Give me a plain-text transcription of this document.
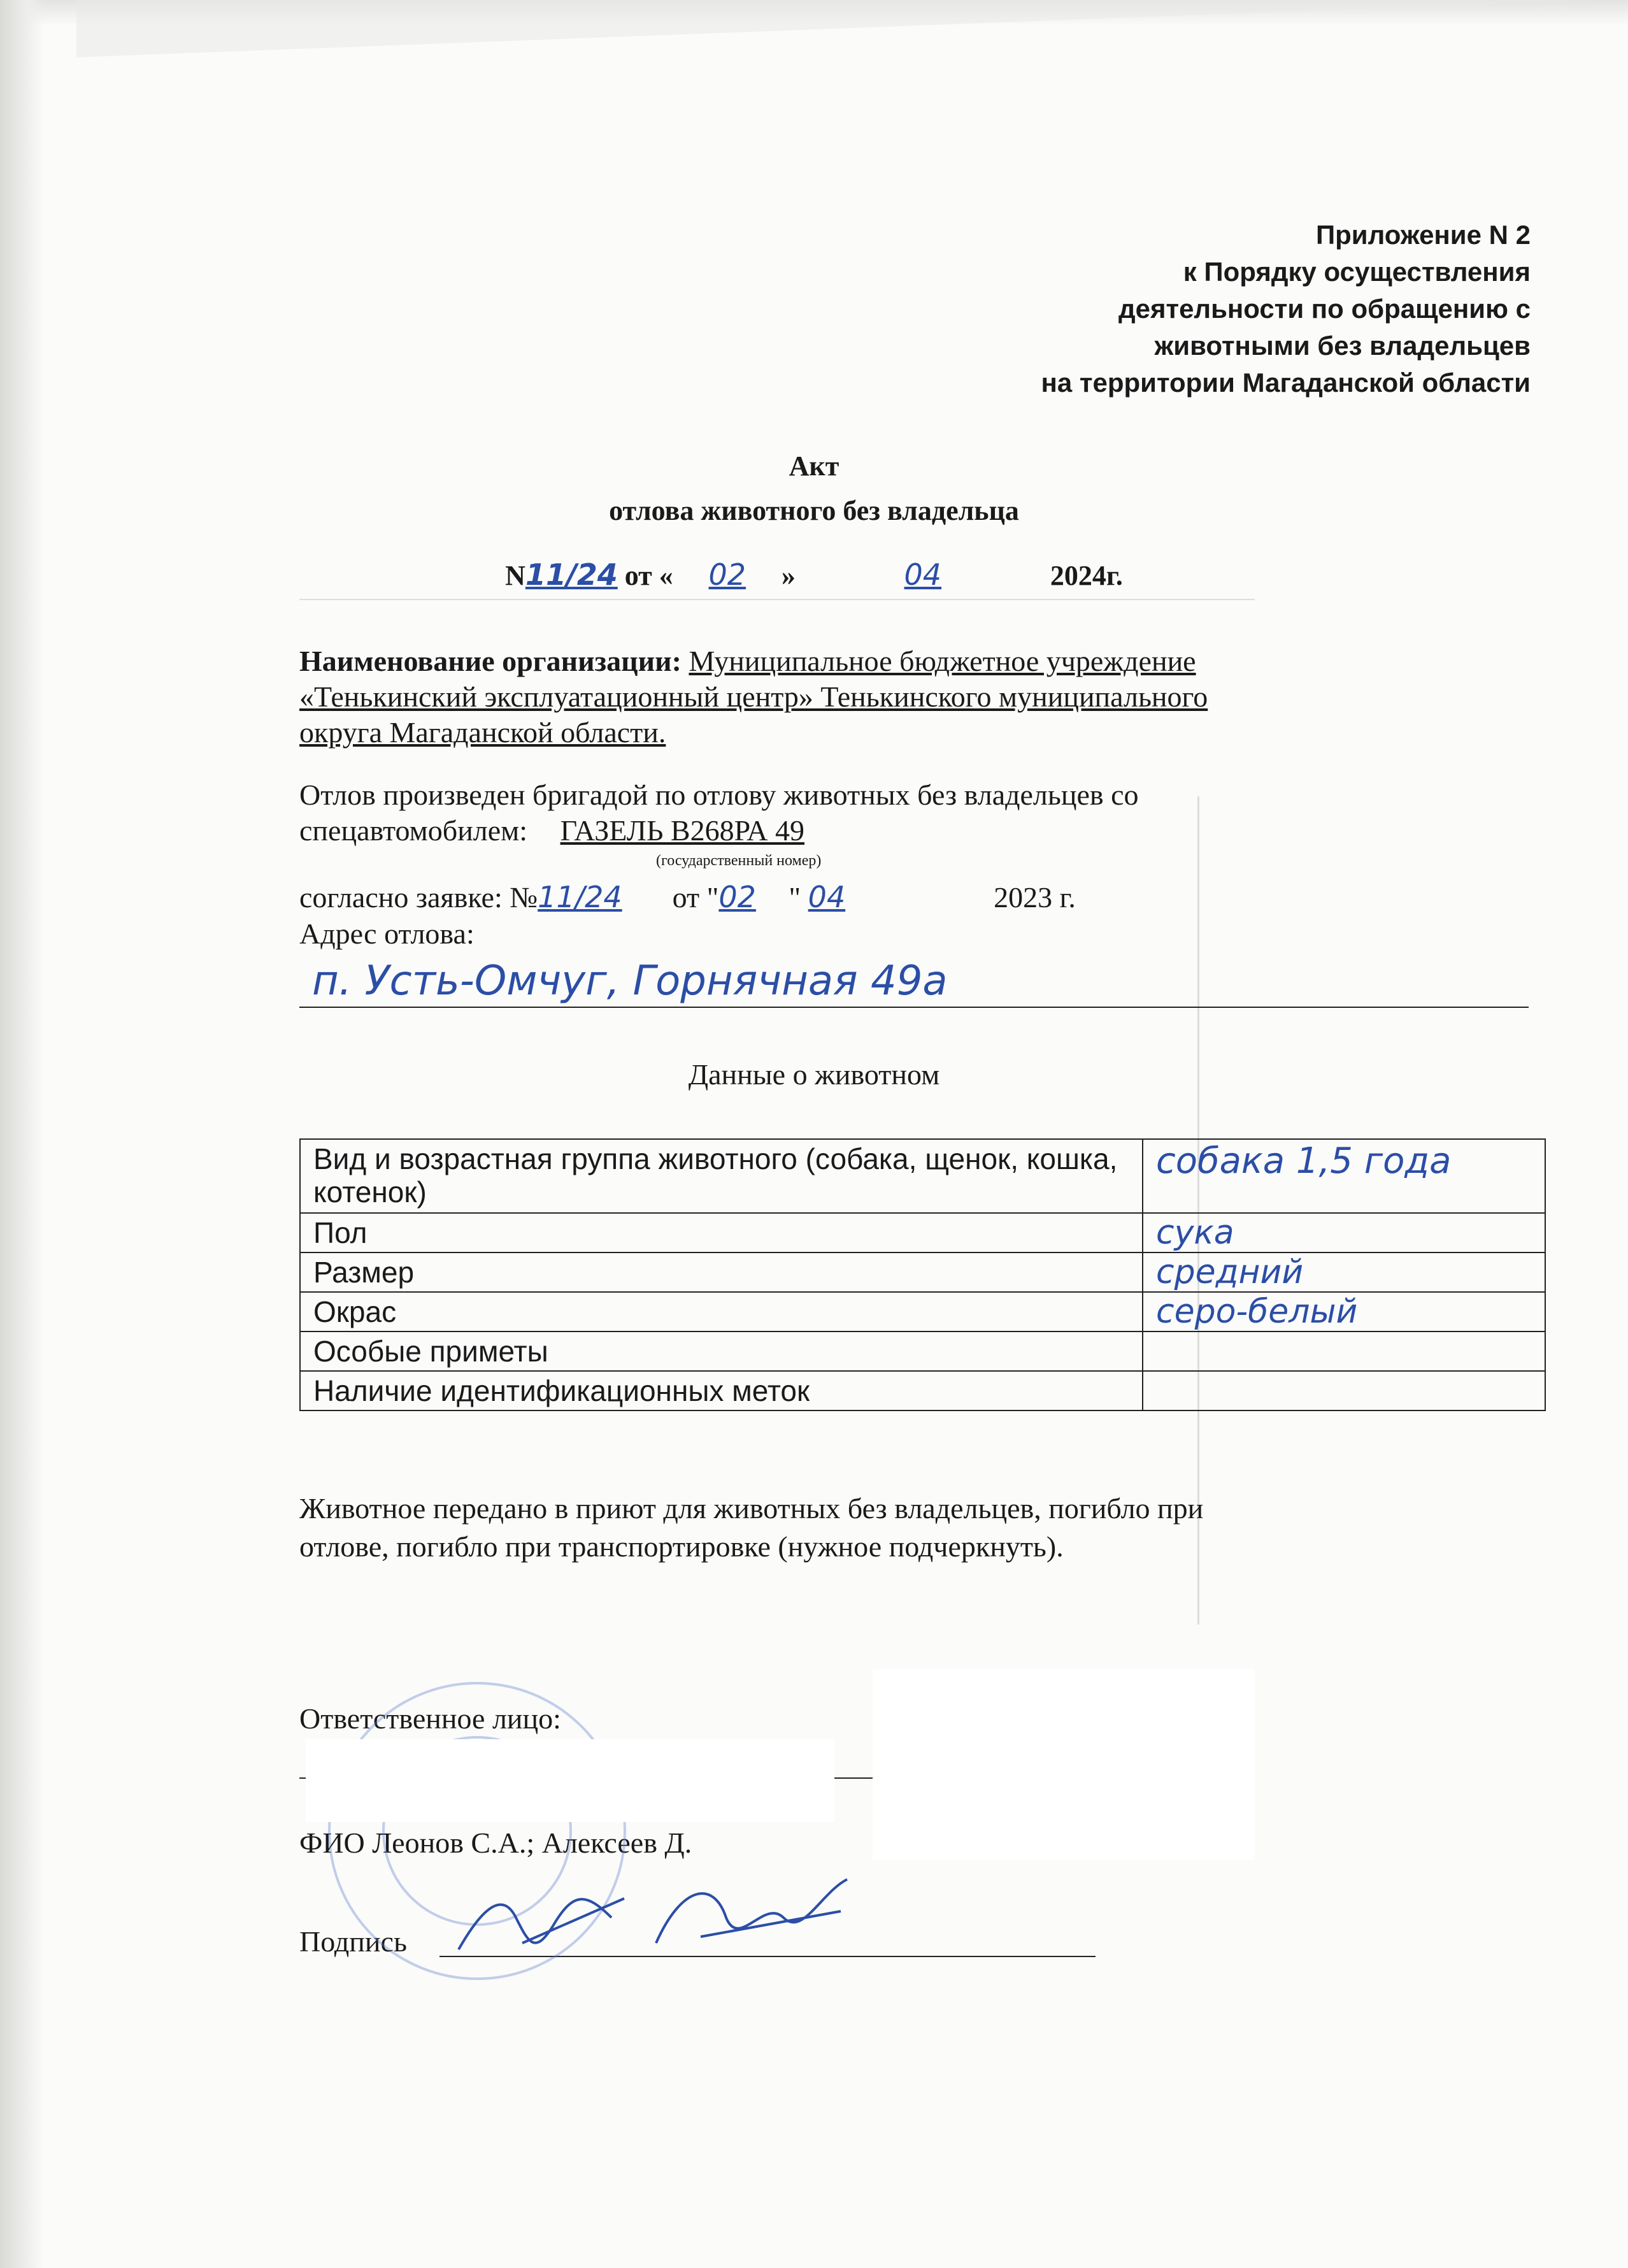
Приложение N 2
к Порядку осуществления
деятельности по обращению с
животными без владельцев
на территории Магаданской области
Акт
отлова животного без владельца
N11/24 от « 02 »	04	2024г.
Наименование организации: Муниципальное бюджетное учреждение
«Тенькинский эксплуатационный центр» Тенькинского муниципального
округа Магаданской области.
Отлов произведен бригадой по отлову животных без владельцев со
спецавтомобилем: ГАЗЕЛЬ В268РА 49
(государственный номер)
согласно заявке: №11/24 от "02 " 04	2023 г.
Адрес отлова:
п. Усть-Омчуг, Горнячная 49а
Данные о животном
Вид и возрастная группа животного (собака, щенок, кошка, котенок)	собака 1,5 года
Пол	сука
Размер	средний
Окрас	серо-белый
Особые приметы	
Наличие идентификационных меток	
Животное передано в приют для животных без владельцев, погибло при
отлове, погибло при транспортировке (нужное подчеркнуть).
Ответственное лицо:
ФИО Леонов С.А.; Алексеев Д.
Подпись
